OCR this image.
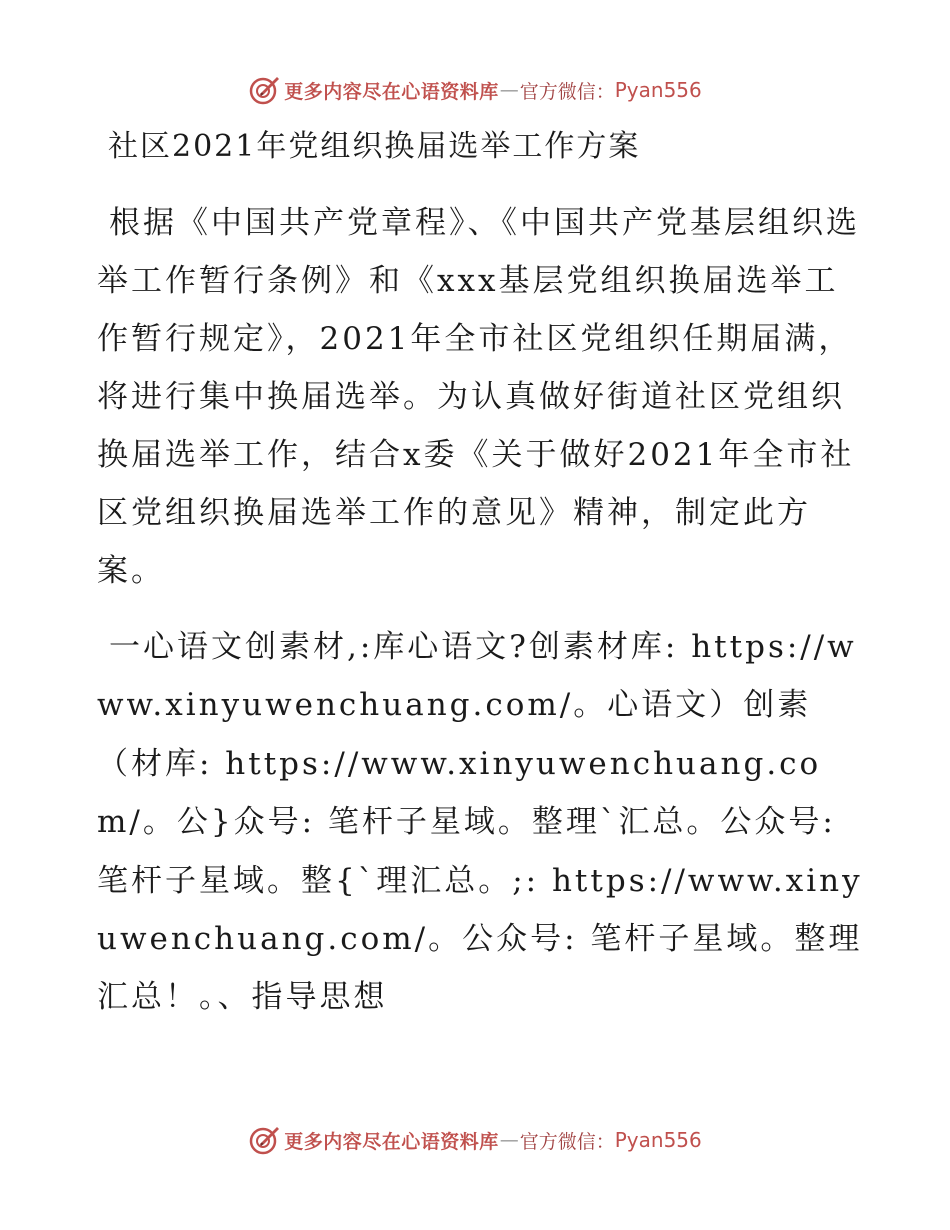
更多内容尽在心语资料库 — 官方微信： Pyan556
社区2021年党组织换届选举工作方案

根据《中国共产党章程》、《中国共产党基层组织选举工作暂行条例》和《xxx基层党组织换届选举工作暂行规定》，2021年全市社区党组织任期届满，将进行集中换届选举。为认真做好街道社区党组织换届选举工作，结合x委《关于做好2021年全市社区党组织换届选举工作的意见》精神，制定此方案。

一心语文创素材,:库心语文?创素材库: https://www.xinyuwenchuang.com/。心语文）创素（材库: https://www.xinyuwenchuang.com/。公}众号: 笔杆子星域。整理`汇总。公众号: 笔杆子星域。整{`理汇总。;: https://www.xinyuwenchuang.com/。公众号: 笔杆子星域。整理汇总！。、指导思想

更多内容尽在心语资料库 — 官方微信： Pyan556
